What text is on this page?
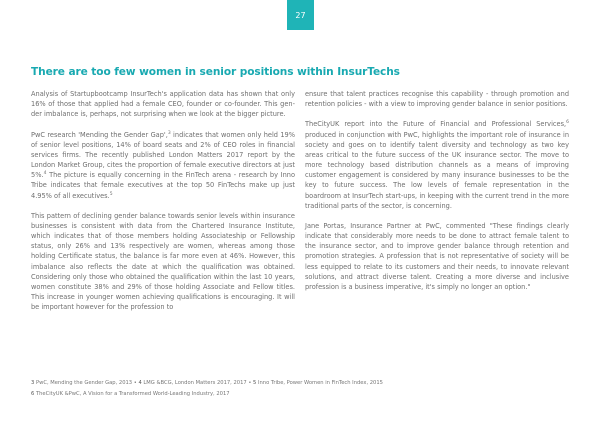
27
There are too few women in senior positions within InsurTechs

Analysis of Startupbootcamp InsurTech's application data has shown that only 16% of those that applied had a female CEO, founder or co-founder. This gender imbalance is, perhaps, not surprising when we look at the bigger picture.

PwC research 'Mending the Gender Gap',$^3$ indicates that women only held 19% of senior level positions, 14% of board seats and 2% of CEO roles in financial services firms. The recently published London Matters 2017 report by the London Market Group, cites the proportion of female executive directors at just 5%.$^4$ The picture is equally concerning in the FinTech arena - research by Inno Tribe indicates that female executives at the top 50 FinTechs make up just 4.95% of all executives.$^5$

This pattern of declining gender balance towards senior levels within insurance businesses is consistent with data from the Chartered Insurance Institute, which indicates that of those members holding Associateship or Fellowship status, only 26% and 13% respectively are women, whereas among those holding Certificate status, the balance is far more even at 46%. However, this imbalance also reflects the date at which the qualification was obtained. Considering only those who obtained the qualification within the last 10 years, women constitute 38% and 29% of those holding Associate and Fellow titles. This increase in younger women achieving qualifications is encouraging. It will be important however for the profession to

ensure that talent practices recognise this capability - through promotion and retention policies - with a view to improving gender balance in senior positions.

TheCityUK report into the Future of Financial and Professional Services,$^6$ produced in conjunction with PwC, highlights the important role of insurance in society and goes on to identify talent diversity and technology as two key areas critical to the future success of the UK insurance sector. The move to more technology based distribution channels as a means of improving customer engagement is considered by many insurance businesses to be the key to future success. The low levels of female representation in the boardroom at InsurTech start-ups, in keeping with the current trend in the more traditional parts of the sector, is concerning.

Jane Portas, Insurance Partner at PwC, commented "These findings clearly indicate that considerably more needs to be done to attract female talent to the insurance sector, and to improve gender balance through retention and promotion strategies. A profession that is not representative of society will be less equipped to relate to its customers and their needs, to innovate relevant solutions, and attract diverse talent. Creating a more diverse and inclusive profession is a business imperative, it's simply no longer an option."

3 PwC, Mending the Gender Gap, 2013 • 4 LMG &BCG, London Matters 2017, 2017 • 5 Inno Tribe, Power Women in FinTech Index, 2015
6 TheCityUK &PwC, A Vision for a Transformed World-Leading Industry, 2017
